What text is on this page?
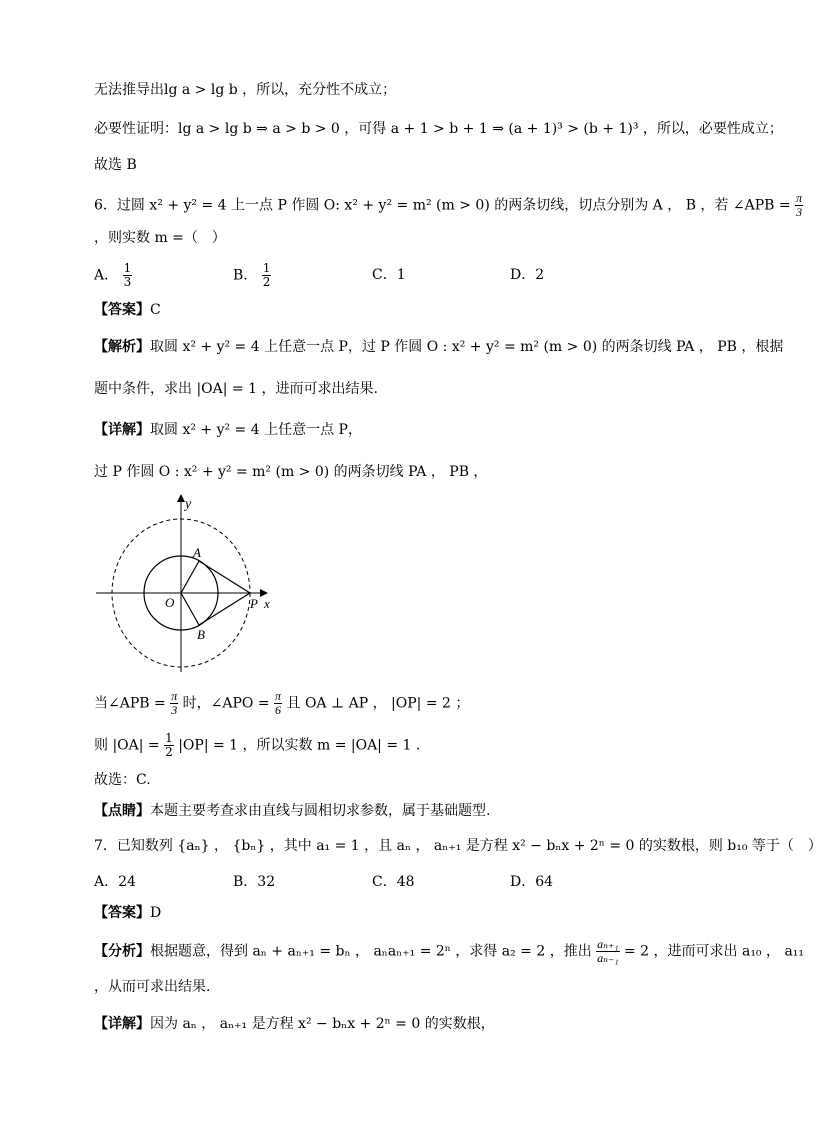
无法推导出lg a > lg b ，所以，充分性不成立；
必要性证明：lg a > lg b ⇒ a > b > 0 ，可得 a + 1 > b + 1 ⇒ (a + 1)³ > (b + 1)³ ，所以，必要性成立；
故选 B
6．过圆 x² + y² = 4 上一点 P 作圆 O: x² + y² = m² (m > 0) 的两条切线，切点分别为 A ， B ，若 ∠APB = $\frac{\pi}{3}$
，则实数 m =（　）
A． $\frac{1}{3}$	B． $\frac{1}{2}$	C．1	D．2
【答案】C
【解析】取圆 x² + y² = 4 上任意一点 P，过 P 作圆 O : x² + y² = m² (m > 0) 的两条切线 PA ， PB ，根据
题中条件，求出 |OA| = 1 ，进而可求出结果.
【详解】取圆 x² + y² = 4 上任意一点 P，
过 P 作圆 O : x² + y² = m² (m > 0) 的两条切线 PA ， PB ，
y
A
O	P x
B
当∠APB = $\frac{\pi}{3}$ 时，∠APO = $\frac{\pi}{6}$ 且 OA ⊥ AP ， |OP| = 2 ；
则 $|OA| = \frac{1}{2} |OP| = 1$ ，所以实数 m = |OA| = 1 .
故选：C.
【点睛】本题主要考查求由直线与圆相切求参数，属于基础题型.
7．已知数列 {aₙ} ， {bₙ} ，其中 a₁ = 1 ，且 aₙ ， aₙ₊₁ 是方程 x² − bₙx + 2ⁿ = 0 的实数根，则 b₁₀ 等于（　）
A．24	B．32	C．48	D．64
【答案】D
【分析】根据题意，得到 aₙ + aₙ₊₁ = bₙ ， aₙaₙ₊₁ = 2ⁿ ，求得 a₂ = 2 ，推出 $\frac{\text{aₙ₊₁}}{\text{aₙ₋₁}} = 2$ ，进而可求出 a₁₀ ， a₁₁
，从而可求出结果.
【详解】因为 aₙ ， aₙ₊₁ 是方程 x² − bₙx + 2ⁿ = 0 的实数根，
